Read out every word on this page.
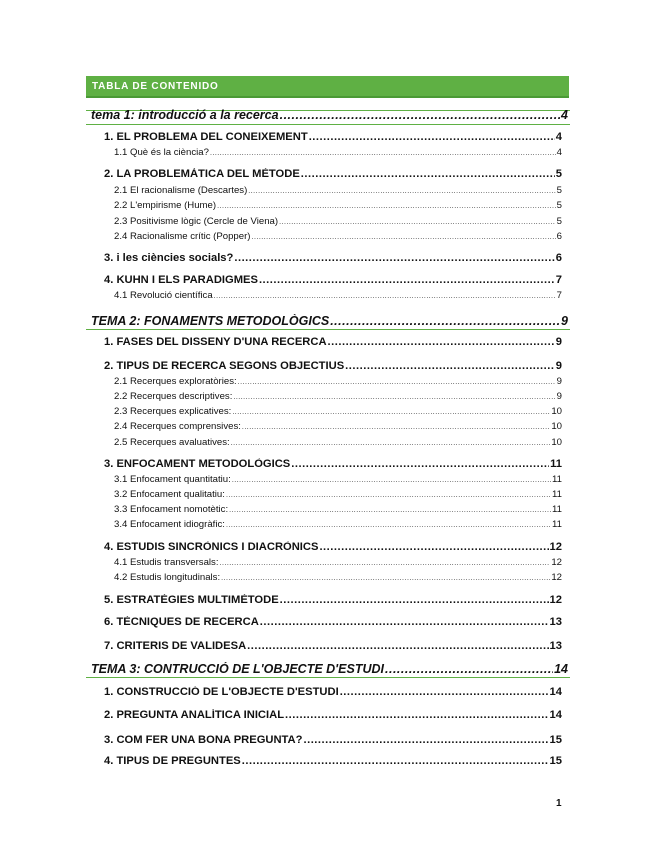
TABLA DE CONTENIDO
tema 1: introducció a la recerca .....	4
1. EL PROBLEMA DEL CONEIXEMENT .....	4
1.1 Què és la ciència? .....	4
2. LA PROBLEMÀTICA DEL MÈTODE .....	5
2.1 El racionalisme (Descartes) .....	5
2.2 L'empirisme (Hume) .....	5
2.3 Positivisme lògic (Cercle de Viena) .....	5
2.4 Racionalisme crític (Popper) .....	6
3. i les ciències socials? .....	6
4. KUHN I ELS PARADIGMES .....	7
4.1 Revolució científica .....	7
TEMA 2: FONAMENTS METODOLÒGICS .....	9
1. FASES DEL DISSENY D'UNA RECERCA .....	9
2. TIPUS DE RECERCA SEGONS OBJECTIUS .....	9
2.1 Recerques exploratòries: .....	9
2.2 Recerques descriptives: .....	9
2.3 Recerques explicatives: .....	10
2.4 Recerques comprensives: .....	10
2.5 Recerques avaluatives: .....	10
3. ENFOCAMENT METODOLÒGICS .....	11
3.1 Enfocament quantitatiu: .....	11
3.2 Enfocament qualitatiu: .....	11
3.3 Enfocament nomotètic: .....	11
3.4 Enfocament idiogràfic: .....	11
4. ESTUDIS SINCRÒNICS I DIACRÒNICS .....	12
4.1 Estudis transversals: .....	12
4.2 Estudis longitudinals: .....	12
5. ESTRATÈGIES MULTIMÈTODE .....	12
6. TÈCNIQUES DE RECERCA .....	13
7. CRITERIS DE VALIDESA .....	13
TEMA 3: CONTRUCCIÓ DE L'OBJECTE D'ESTUDI .....	14
1. CONSTRUCCIÓ DE L'OBJECTE D'ESTUDI .....	14
2. PREGUNTA ANALÍTICA INICIAL .....	14
3. COM FER UNA BONA PREGUNTA? .....	15
4. TIPUS DE PREGUNTES .....	15
1
